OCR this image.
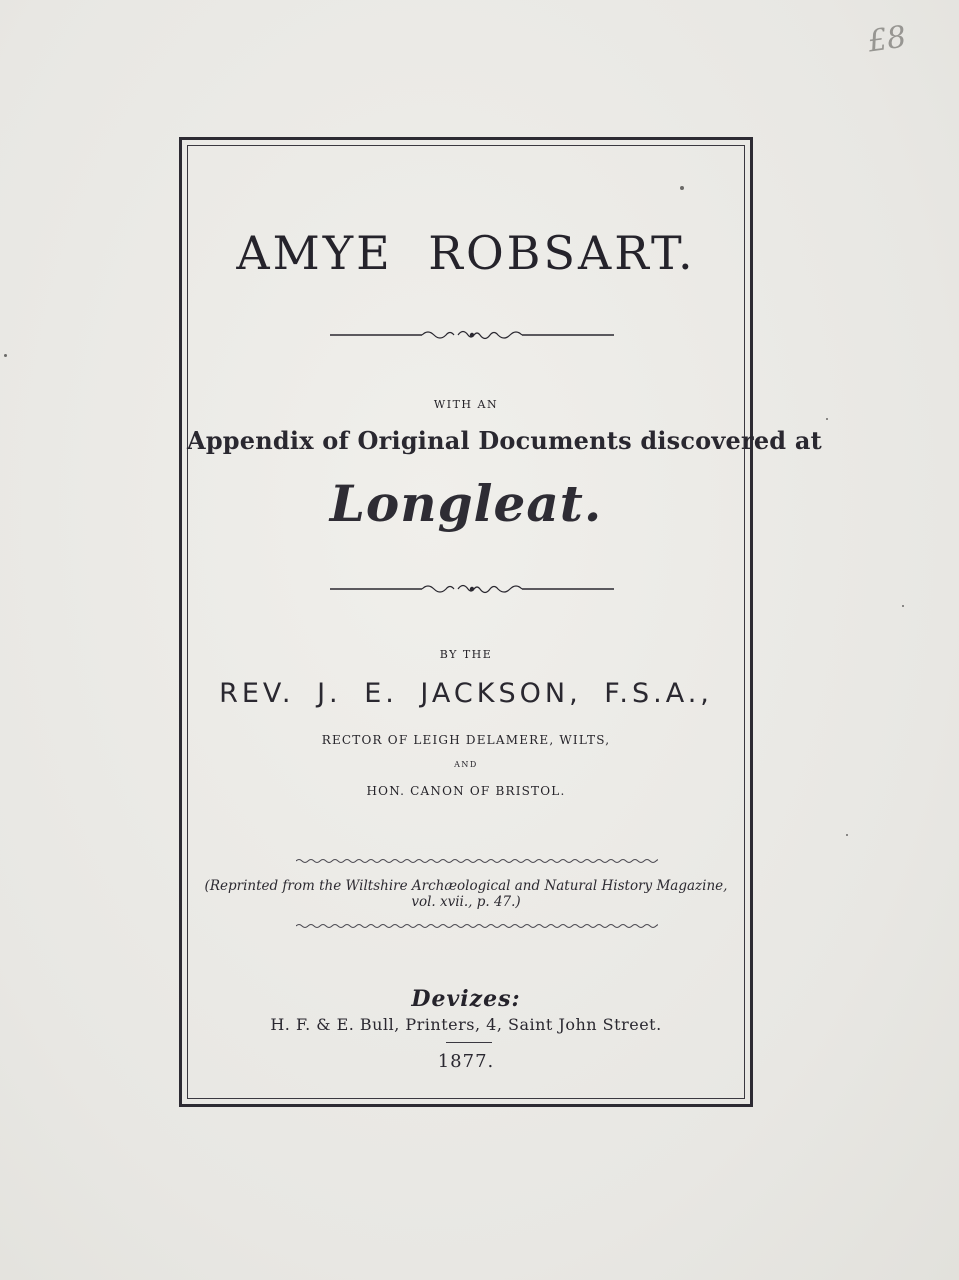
£8
AMYE ROBSART.
WITH AN
Appendix of Original Documents discovered at
Longleat.
BY THE
REV. J. E. JACKSON, F.S.A.,
RECTOR OF LEIGH DELAMERE, WILTS,
AND
HON. CANON OF BRISTOL.
(Reprinted from the Wiltshire Archæological and Natural History Magazine,
vol. xvii., p. 47.)
Devizes:
H. F. & E. Bull, Printers, 4, Saint John Street.
1877.
